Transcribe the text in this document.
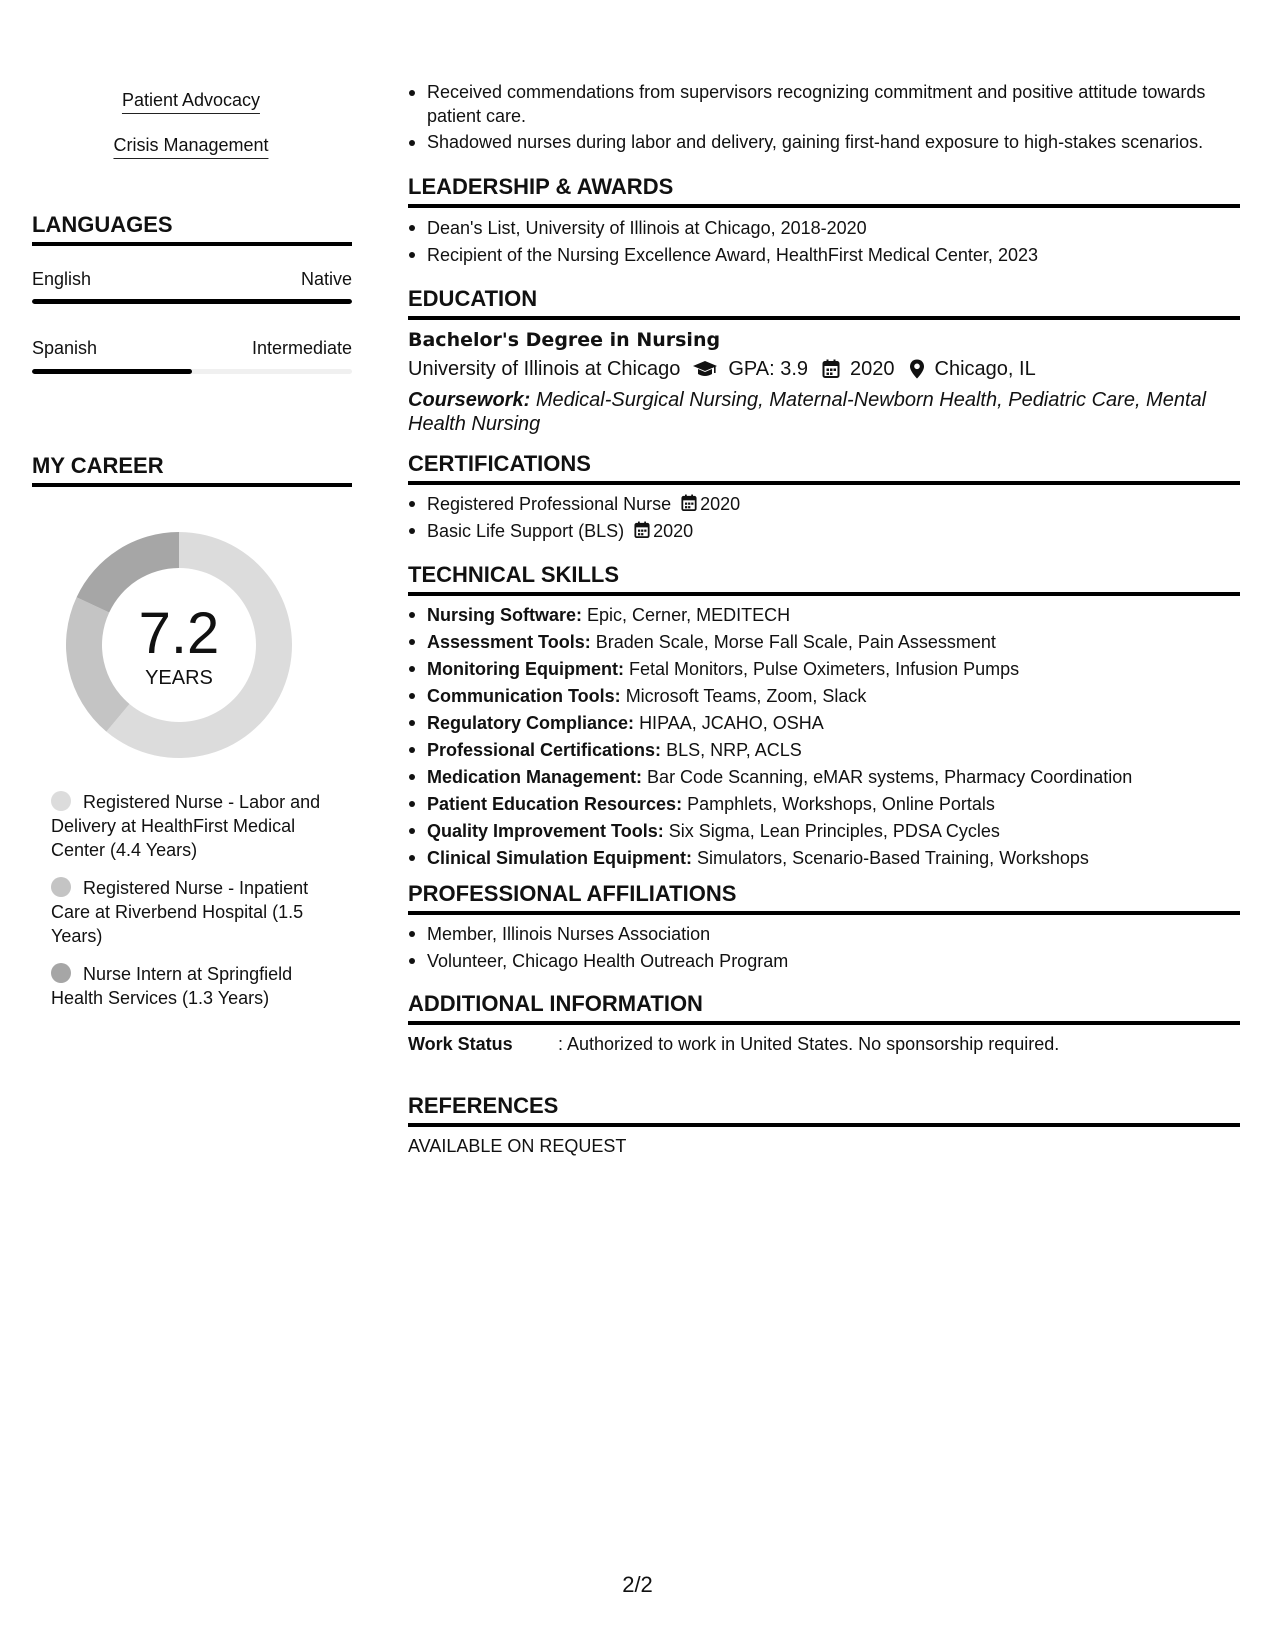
Patient Advocacy
Crisis Management
LANGUAGES
English	Native
Spanish	Intermediate
MY CAREER
7.2
YEARS
Registered Nurse - Labor and Delivery at HealthFirst Medical Center (4.4 Years)
Registered Nurse - Inpatient Care at Riverbend Hospital (1.5 Years)
Nurse Intern at Springfield Health Services (1.3 Years)
Received commendations from supervisors recognizing commitment and positive attitude towards patient care.
Shadowed nurses during labor and delivery, gaining first-hand exposure to high-stakes scenarios.
LEADERSHIP & AWARDS
Dean's List, University of Illinois at Chicago, 2018-2020
Recipient of the Nursing Excellence Award, HealthFirst Medical Center, 2023
EDUCATION
Bachelor's Degree in Nursing
University of Illinois at Chicago GPA: 3.9 2020 Chicago, IL
Coursework: Medical-Surgical Nursing, Maternal-Newborn Health, Pediatric Care, Mental Health Nursing
CERTIFICATIONS
Registered Professional Nurse 2020
Basic Life Support (BLS) 2020
TECHNICAL SKILLS
Nursing Software: Epic, Cerner, MEDITECH
Assessment Tools: Braden Scale, Morse Fall Scale, Pain Assessment
Monitoring Equipment: Fetal Monitors, Pulse Oximeters, Infusion Pumps
Communication Tools: Microsoft Teams, Zoom, Slack
Regulatory Compliance: HIPAA, JCAHO, OSHA
Professional Certifications: BLS, NRP, ACLS
Medication Management: Bar Code Scanning, eMAR systems, Pharmacy Coordination
Patient Education Resources: Pamphlets, Workshops, Online Portals
Quality Improvement Tools: Six Sigma, Lean Principles, PDSA Cycles
Clinical Simulation Equipment: Simulators, Scenario-Based Training, Workshops
PROFESSIONAL AFFILIATIONS
Member, Illinois Nurses Association
Volunteer, Chicago Health Outreach Program
ADDITIONAL INFORMATION
Work Status	: Authorized to work in United States. No sponsorship required.
REFERENCES
AVAILABLE ON REQUEST
2/2
